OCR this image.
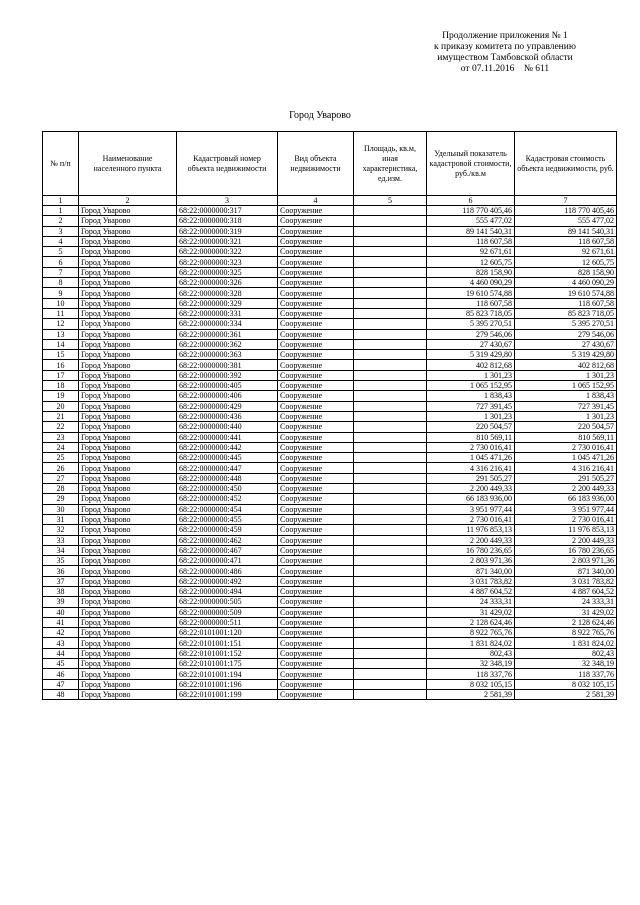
Продолжение приложения № 1
к приказу комитета по управлению
имуществом Тамбовской области
от 07.11.2016    № 611
Город Уварово
№ п/п	Наименование населенного пункта	Кадастровый номер объекта недвижимости	Вид объекта недвижимости	Площадь, кв.м, иная характеристика, ед.изм.	Удельный показатель кадастровой стоимости, руб./кв.м	Кадастровая стоимость объекта недвижимости, руб.
1	2	3	4	5	6	7
1	Город Уварово	68:22:0000000:317	Сооружение		118 770 405,46	118 770 405,46
2	Город Уварово	68:22:0000000:318	Сооружение		555 477,02	555 477,02
3	Город Уварово	68:22:0000000:319	Сооружение		89 141 540,31	89 141 540,31
4	Город Уварово	68:22:0000000:321	Сооружение		118 607,58	118 607,58
5	Город Уварово	68:22:0000000:322	Сооружение		92 671,61	92 671,61
6	Город Уварово	68:22:0000000:323	Сооружение		12 605,75	12 605,75
7	Город Уварово	68:22:0000000:325	Сооружение		828 158,90	828 158,90
8	Город Уварово	68:22:0000000:326	Сооружение		4 460 090,29	4 460 090,29
9	Город Уварово	68:22:0000000:328	Сооружение		19 610 574,88	19 610 574,88
10	Город Уварово	68:22:0000000:329	Сооружение		118 607,58	118 607,58
11	Город Уварово	68:22:0000000:331	Сооружение		85 823 718,05	85 823 718,05
12	Город Уварово	68:22:0000000:334	Сооружение		5 395 270,51	5 395 270,51
13	Город Уварово	68:22:0000000:361	Сооружение		279 546,06	279 546,06
14	Город Уварово	68:22:0000000:362	Сооружение		27 430,67	27 430,67
15	Город Уварово	68:22:0000000:363	Сооружение		5 319 429,80	5 319 429,80
16	Город Уварово	68:22:0000000:381	Сооружение		402 812,68	402 812,68
17	Город Уварово	68:22:0000000:392	Сооружение		1 301,23	1 301,23
18	Город Уварово	68:22:0000000:405	Сооружение		1 065 152,95	1 065 152,95
19	Город Уварово	68:22:0000000:406	Сооружение		1 838,43	1 838,43
20	Город Уварово	68:22:0000000:429	Сооружение		727 391,45	727 391,45
21	Город Уварово	68:22:0000000:436	Сооружение		1 301,23	1 301,23
22	Город Уварово	68:22:0000000:440	Сооружение		220 504,57	220 504,57
23	Город Уварово	68:22:0000000:441	Сооружение		810 569,11	810 569,11
24	Город Уварово	68:22:0000000:442	Сооружение		2 730 016,41	2 730 016,41
25	Город Уварово	68:22:0000000:445	Сооружение		1 045 471,26	1 045 471,26
26	Город Уварово	68:22:0000000:447	Сооружение		4 316 216,41	4 316 216,41
27	Город Уварово	68:22:0000000:448	Сооружение		291 505,27	291 505,27
28	Город Уварово	68:22:0000000:450	Сооружение		2 200 449,33	2 200 449,33
29	Город Уварово	68:22:0000000:452	Сооружение		66 183 936,00	66 183 936,00
30	Город Уварово	68:22:0000000:454	Сооружение		3 951 977,44	3 951 977,44
31	Город Уварово	68:22:0000000:455	Сооружение		2 730 016,41	2 730 016,41
32	Город Уварово	68:22:0000000:459	Сооружение		11 976 853,13	11 976 853,13
33	Город Уварово	68:22:0000000:462	Сооружение		2 200 449,33	2 200 449,33
34	Город Уварово	68:22:0000000:467	Сооружение		16 780 236,65	16 780 236,65
35	Город Уварово	68:22:0000000:471	Сооружение		2 803 971,36	2 803 971,36
36	Город Уварово	68:22:0000000:486	Сооружение		871 340,00	871 340,00
37	Город Уварово	68:22:0000000:492	Сооружение		3 031 783,82	3 031 783,82
38	Город Уварово	68:22:0000000:494	Сооружение		4 887 604,52	4 887 604,52
39	Город Уварово	68:22:0000000:505	Сооружение		24 333,31	24 333,31
40	Город Уварово	68:22:0000000:509	Сооружение		31 429,02	31 429,02
41	Город Уварово	68:22:0000000:511	Сооружение		2 128 624,46	2 128 624,46
42	Город Уварово	68:22:0101001:120	Сооружение		8 922 765,76	8 922 765,76
43	Город Уварово	68:22:0101001:151	Сооружение		1 831 824,02	1 831 824,02
44	Город Уварово	68:22:0101001:152	Сооружение		802,43	802,43
45	Город Уварово	68:22:0101001:175	Сооружение		32 348,19	32 348,19
46	Город Уварово	68:22:0101001:194	Сооружение		118 337,76	118 337,76
47	Город Уварово	68:22:0101001:196	Сооружение		8 032 105,15	8 032 105,15
48	Город Уварово	68:22:0101001:199	Сооружение		2 581,39	2 581,39
